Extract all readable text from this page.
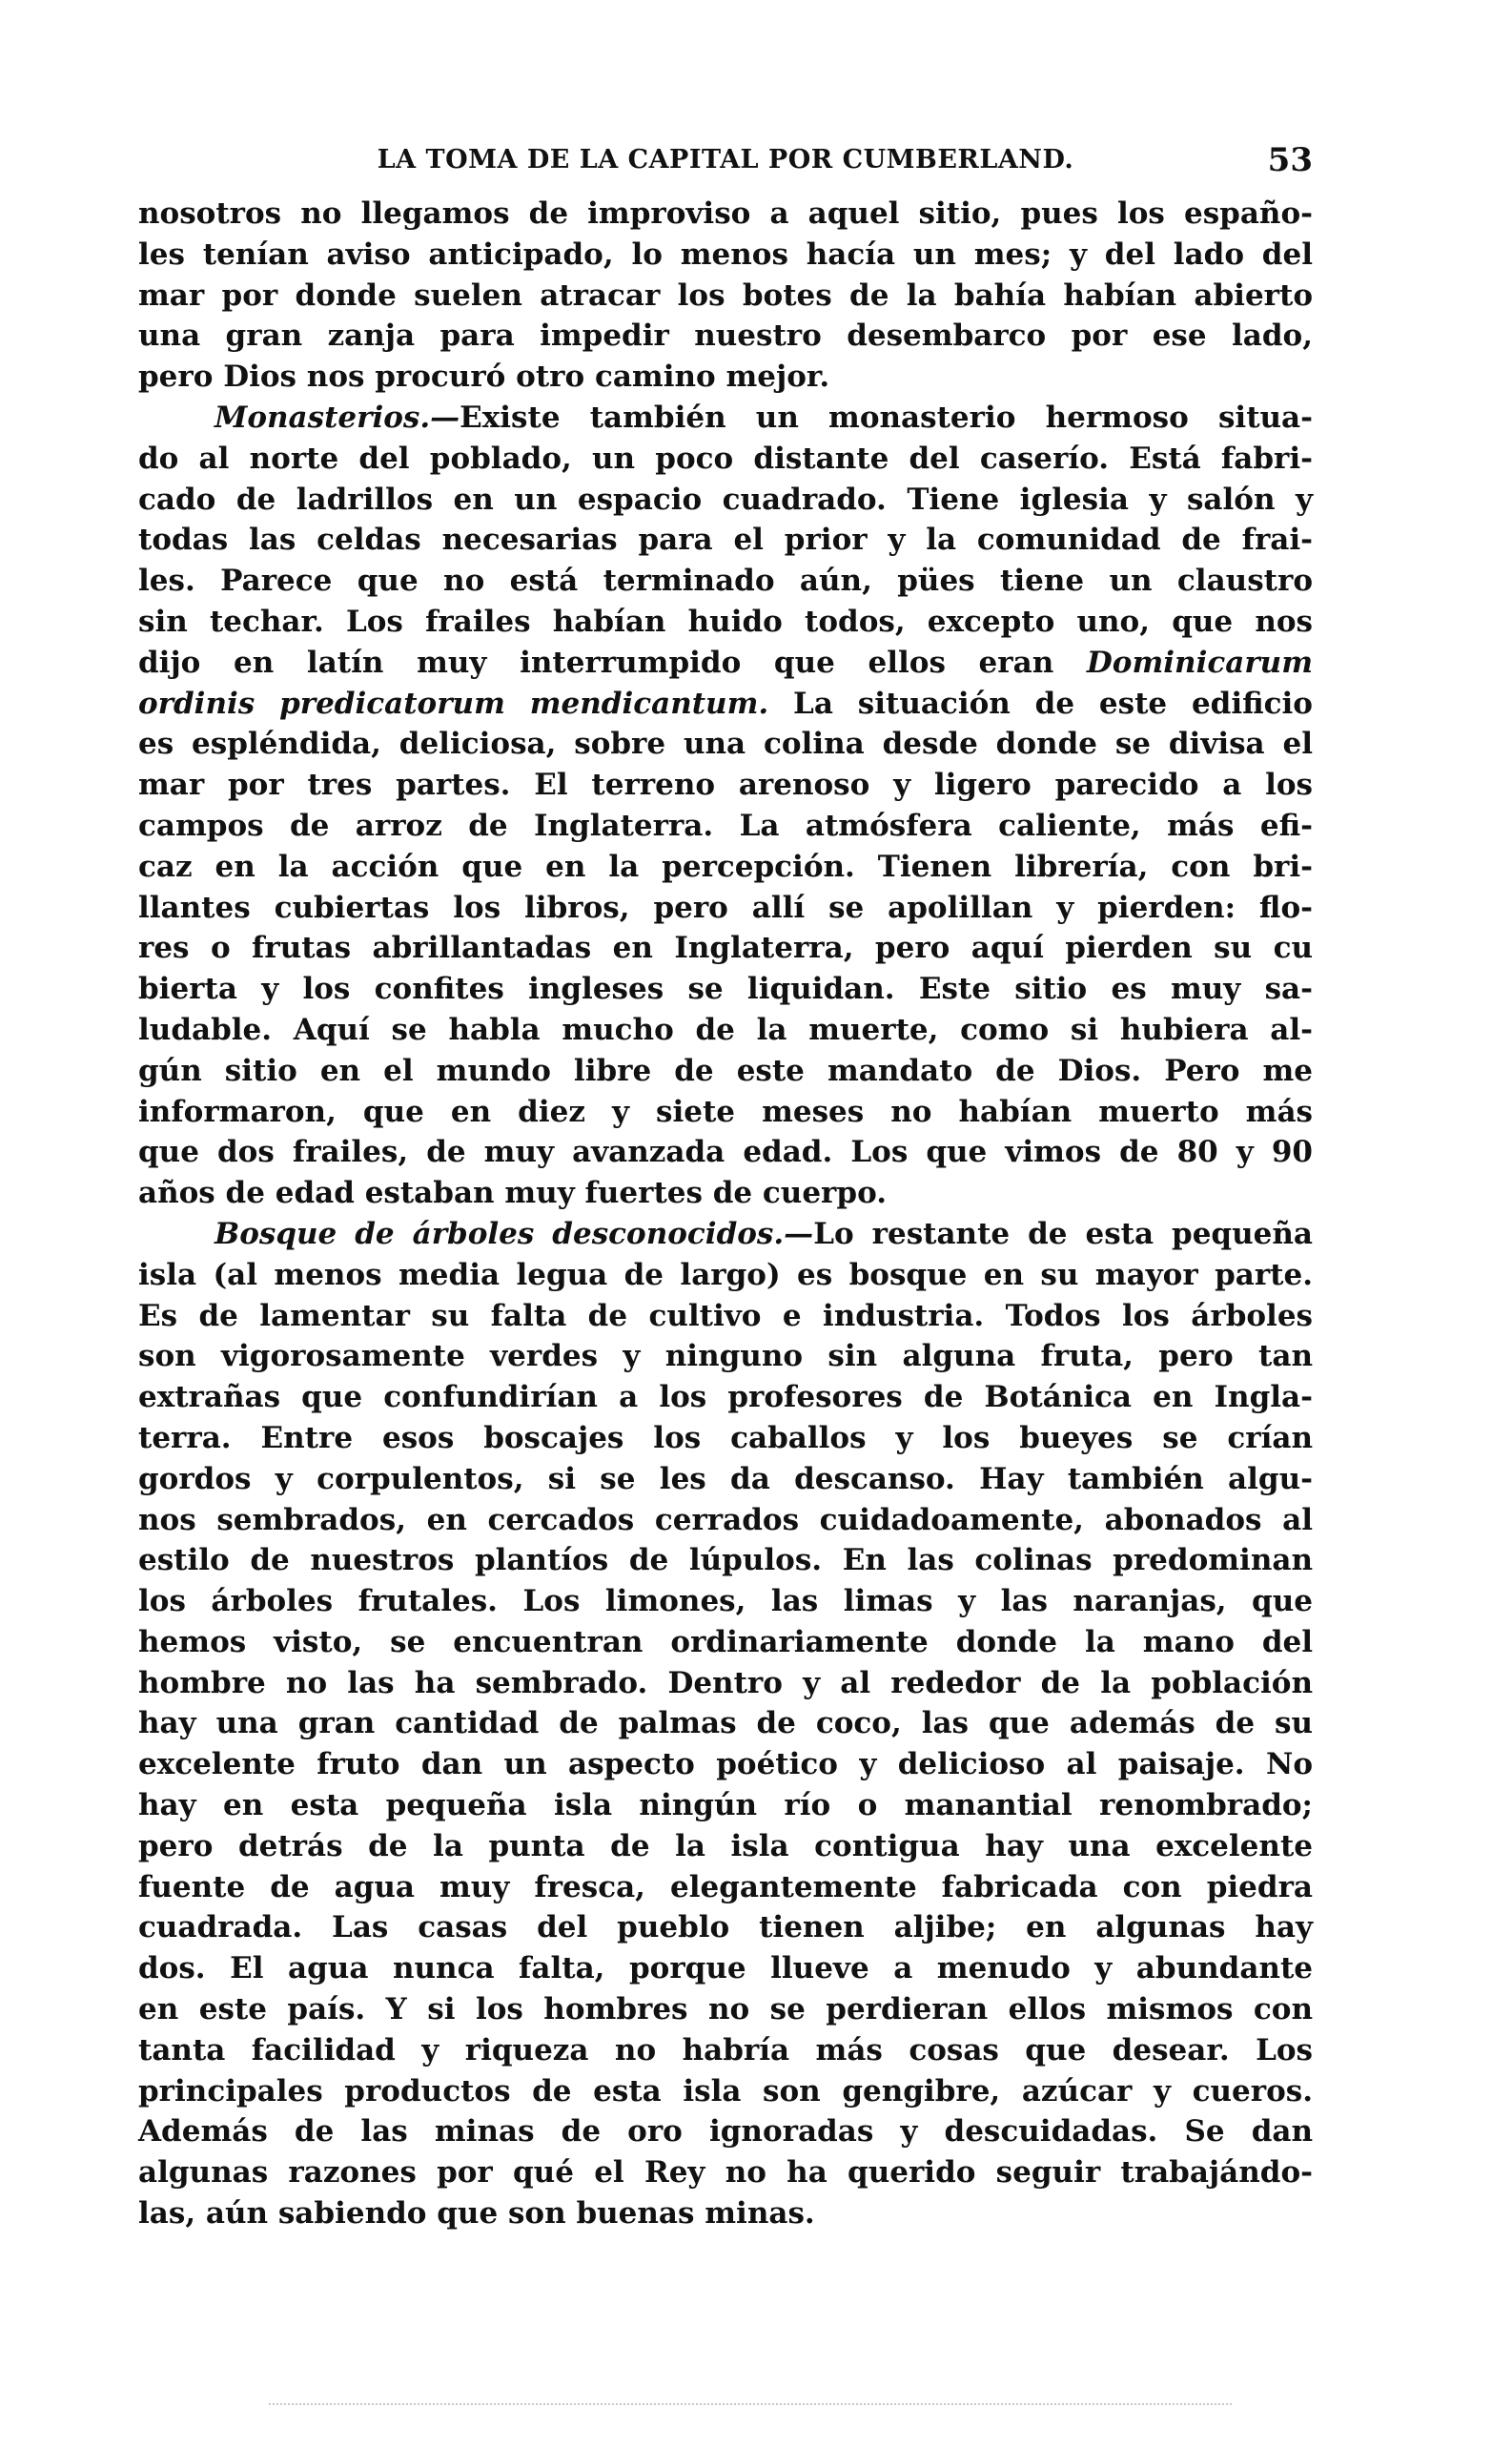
LA TOMA DE LA CAPITAL POR CUMBERLAND.	53
nosotros no llegamos de improviso a aquel sitio, pues los españo-
les tenían aviso anticipado, lo menos hacía un mes; y del lado del
mar por donde suelen atracar los botes de la bahía habían abierto
una gran zanja para impedir nuestro desembarco por ese lado,
pero Dios nos procuró otro camino mejor.
Monasterios.—Existe también un monasterio hermoso situa-
do al norte del poblado, un poco distante del caserío. Está fabri-
cado de ladrillos en un espacio cuadrado. Tiene iglesia y salón y
todas las celdas necesarias para el prior y la comunidad de frai-
les. Parece que no está terminado aún, pües tiene un claustro
sin techar. Los frailes habían huido todos, excepto uno, que nos
dijo en latín muy interrumpido que ellos eran Dominicarum
ordinis predicatorum mendicantum. La situación de este edificio
es espléndida, deliciosa, sobre una colina desde donde se divisa el
mar por tres partes. El terreno arenoso y ligero parecido a los
campos de arroz de Inglaterra. La atmósfera caliente, más efi-
caz en la acción que en la percepción. Tienen librería, con bri-
llantes cubiertas los libros, pero allí se apolillan y pierden: flo-
res o frutas abrillantadas en Inglaterra, pero aquí pierden su cu
bierta y los confites ingleses se liquidan. Este sitio es muy sa-
ludable. Aquí se habla mucho de la muerte, como si hubiera al-
gún sitio en el mundo libre de este mandato de Dios. Pero me
informaron, que en diez y siete meses no habían muerto más
que dos frailes, de muy avanzada edad. Los que vimos de 80 y 90
años de edad estaban muy fuertes de cuerpo.
Bosque de árboles desconocidos.—Lo restante de esta pequeña
isla (al menos media legua de largo) es bosque en su mayor parte.
Es de lamentar su falta de cultivo e industria. Todos los árboles
son vigorosamente verdes y ninguno sin alguna fruta, pero tan
extrañas que confundirían a los profesores de Botánica en Ingla-
terra. Entre esos boscajes los caballos y los bueyes se crían
gordos y corpulentos, si se les da descanso. Hay también algu-
nos sembrados, en cercados cerrados cuidadoamente, abonados al
estilo de nuestros plantíos de lúpulos. En las colinas predominan
los árboles frutales. Los limones, las limas y las naranjas, que
hemos visto, se encuentran ordinariamente donde la mano del
hombre no las ha sembrado. Dentro y al rededor de la población
hay una gran cantidad de palmas de coco, las que además de su
excelente fruto dan un aspecto poético y delicioso al paisaje. No
hay en esta pequeña isla ningún río o manantial renombrado;
pero detrás de la punta de la isla contigua hay una excelente
fuente de agua muy fresca, elegantemente fabricada con piedra
cuadrada. Las casas del pueblo tienen aljibe; en algunas hay
dos. El agua nunca falta, porque llueve a menudo y abundante
en este país. Y si los hombres no se perdieran ellos mismos con
tanta facilidad y riqueza no habría más cosas que desear. Los
principales productos de esta isla son gengibre, azúcar y cueros.
Además de las minas de oro ignoradas y descuidadas. Se dan
algunas razones por qué el Rey no ha querido seguir trabajándo-
las, aún sabiendo que son buenas minas.
